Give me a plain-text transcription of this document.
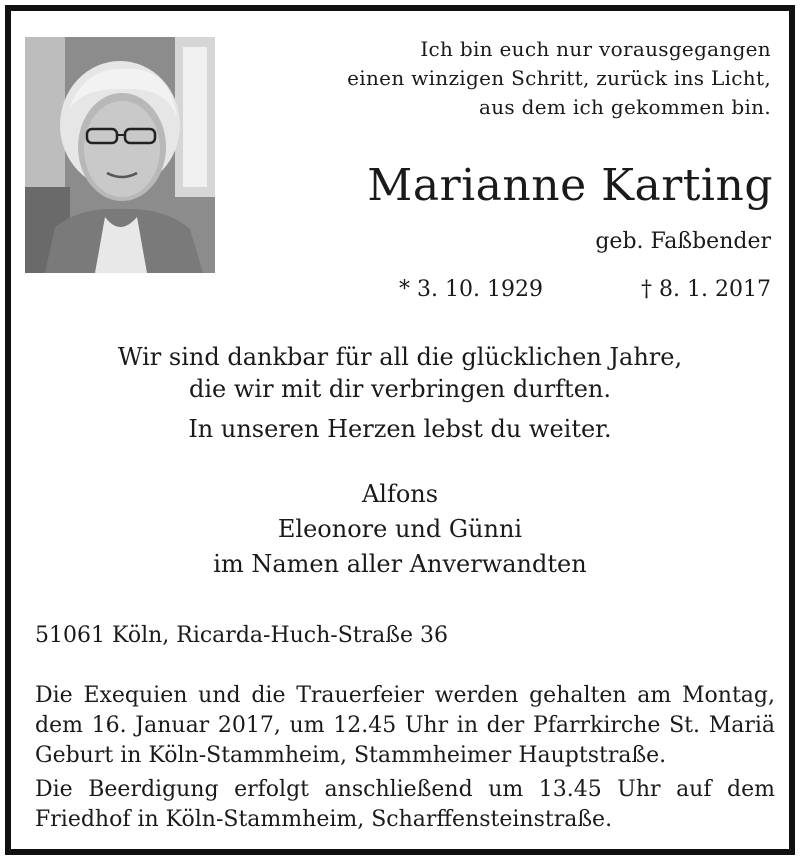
Ich bin euch nur vorausgegangen
einen winzigen Schritt, zurück ins Licht,
aus dem ich gekommen bin.
Marianne Karting
geb. Faßbender
* 3. 10. 1929	† 8. 1. 2017
Wir sind dankbar für all die glücklichen Jahre,
die wir mit dir verbringen durften.
In unseren Herzen lebst du weiter.
Alfons
Eleonore und Günni
im Namen aller Anverwandten
51061 Köln, Ricarda-Huch-Straße 36
Die Exequien und die Trauerfeier werden gehalten am Montag,
dem 16. Januar 2017, um 12.45 Uhr in der Pfarrkirche St. Mariä
Geburt in Köln-Stammheim, Stammheimer Hauptstraße.
Die Beerdigung erfolgt anschließend um 13.45 Uhr auf dem
Friedhof in Köln-Stammheim, Scharffensteinstraße.
